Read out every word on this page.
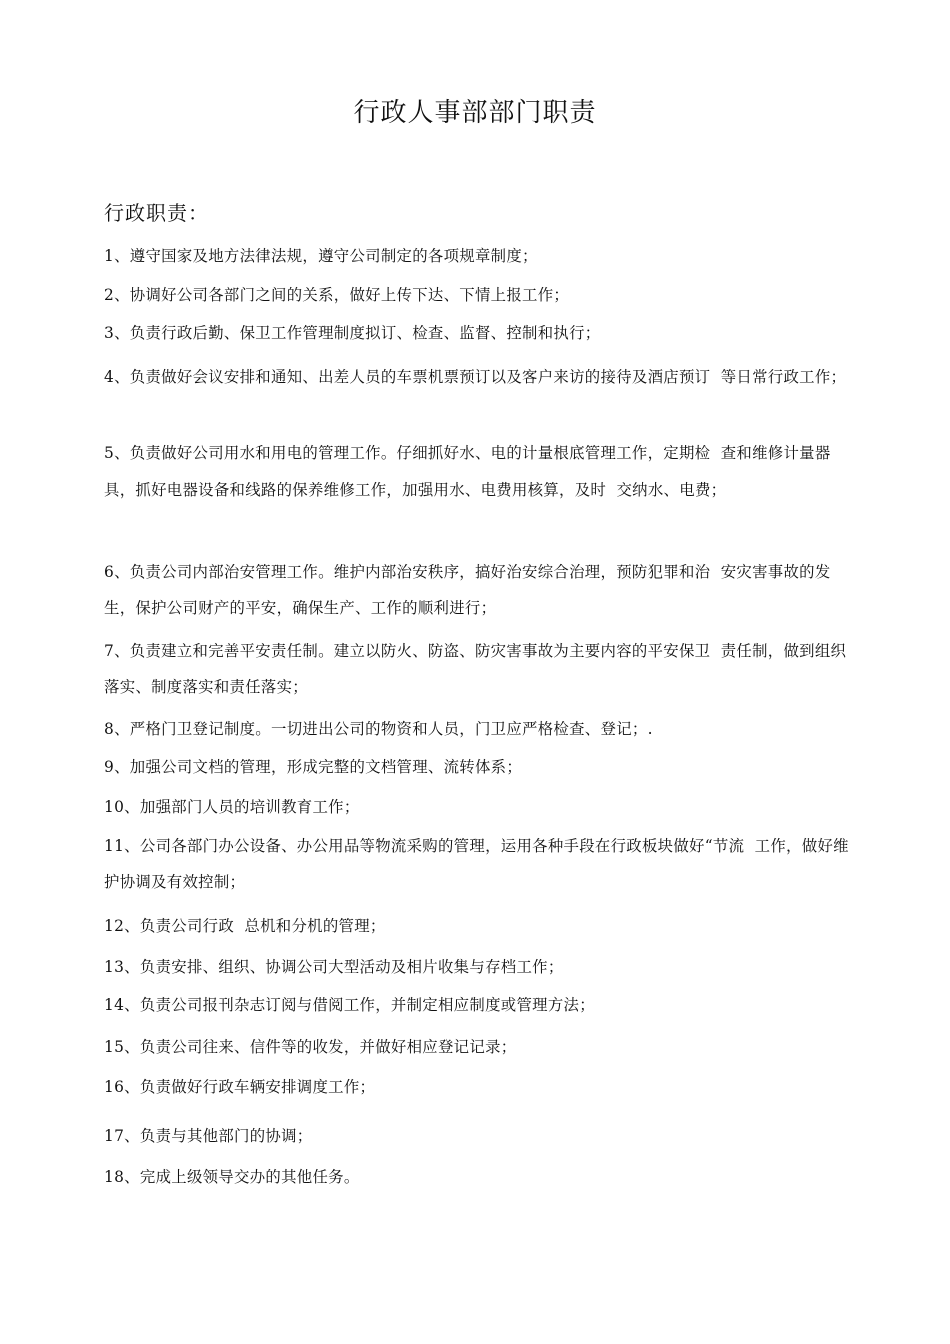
行政人事部部门职责
行政职责：
1、遵守国家及地方法律法规，遵守公司制定的各项规章制度；
2、协调好公司各部门之间的关系，做好上传下达、下情上报工作；
3、负责行政后勤、保卫工作管理制度拟订、检查、监督、控制和执行；
4、负责做好会议安排和通知、出差人员的车票机票预订以及客户来访的接待及酒店预订  等日常行政工作；
5、负责做好公司用水和用电的管理工作。仔细抓好水、电的计量根底管理工作，定期检  查和维修计量器具，抓好电器设备和线路的保养维修工作，加强用水、电费用核算，及时  交纳水、电费；
6、负责公司内部治安管理工作。维护内部治安秩序，搞好治安综合治理，预防犯罪和治  安灾害事故的发生，保护公司财产的平安，确保生产、工作的顺利进行；
7、负责建立和完善平安责任制。建立以防火、防盗、防灾害事故为主要内容的平安保卫  责任制，做到组织落实、制度落实和责任落实；
8、严格门卫登记制度。一切进出公司的物资和人员，门卫应严格检查、登记；.
9、加强公司文档的管理，形成完整的文档管理、流转体系；
10、加强部门人员的培训教育工作；
11、公司各部门办公设备、办公用品等物流采购的管理，运用各种手段在行政板块做好“节流  工作，做好维护协调及有效控制；
12、负责公司行政  总机和分机的管理；
13、负责安排、组织、协调公司大型活动及相片收集与存档工作；
14、负责公司报刊杂志订阅与借阅工作，并制定相应制度或管理方法；
15、负责公司往来、信件等的收发，并做好相应登记记录；
16、负责做好行政车辆安排调度工作；
17、负责与其他部门的协调；
18、完成上级领导交办的其他任务。
